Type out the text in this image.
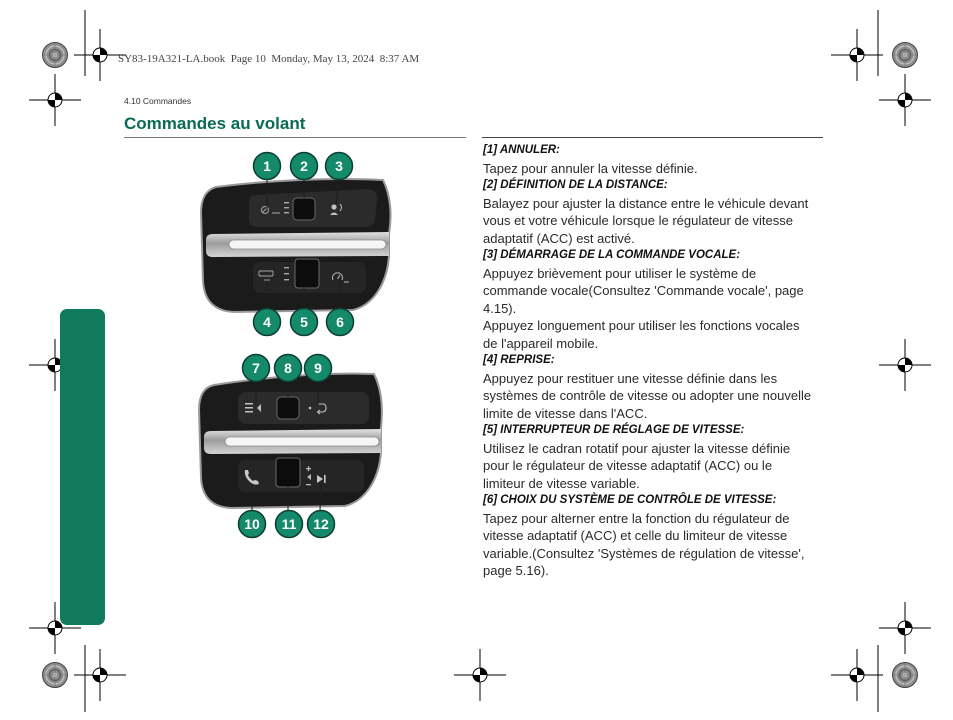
1 2 3
4 5 6
7 8 9
10 11 12
SY83-19A321-LA.book  Page 10  Monday, May 13, 2024  8:37 AM
4.10 Commandes
Commandes au volant
[1] ANNULER:
Tapez pour annuler la vitesse définie.
[2] DÉFINITION DE LA DISTANCE:
Balayez pour ajuster la distance entre le véhicule devant
vous et votre véhicule lorsque le régulateur de vitesse
adaptatif (ACC) est activé.
[3] DÉMARRAGE DE LA COMMANDE VOCALE:
Appuyez brièvement pour utiliser le système de
commande vocale(Consultez 'Commande vocale', page
4.15).
Appuyez longuement pour utiliser les fonctions vocales
de l'appareil mobile.
[4] REPRISE:
Appuyez pour restituer une vitesse définie dans les
systèmes de contrôle de vitesse ou adopter une nouvelle
limite de vitesse dans l'ACC.
[5] INTERRUPTEUR DE RÉGLAGE DE VITESSE:
Utilisez le cadran rotatif pour ajuster la vitesse définie
pour le régulateur de vitesse adaptatif (ACC) ou le
limiteur de vitesse variable.
[6] CHOIX DU SYSTÈME DE CONTRÔLE DE VITESSE:
Tapez pour alterner entre la fonction du régulateur de
vitesse adaptatif (ACC) et celle du limiteur de vitesse
variable.(Consultez 'Systèmes de régulation de vitesse',
page 5.16).
